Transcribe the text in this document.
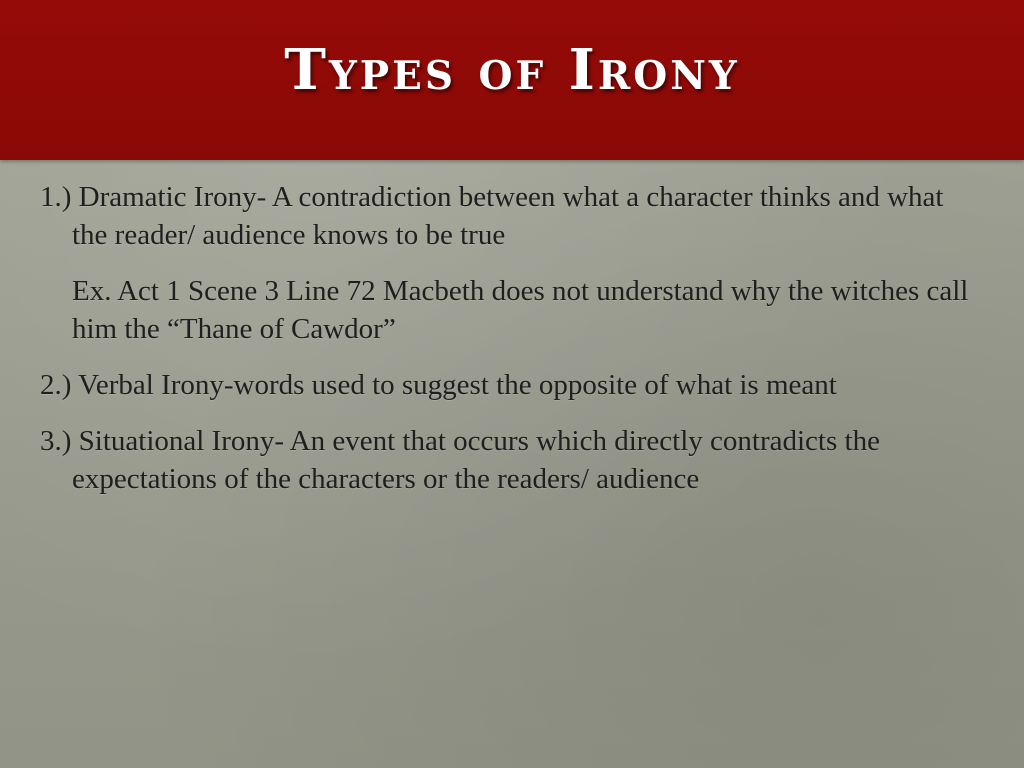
Types of Irony

1.) Dramatic Irony- A contradiction between what a character thinks and what the reader/ audience knows to be true

Ex. Act 1 Scene 3 Line 72 Macbeth does not understand why the witches call him the “Thane of Cawdor”

2.) Verbal Irony-words used to suggest the opposite of what is meant

3.) Situational Irony- An event that occurs which directly contradicts the expectations of the characters or the readers/ audience
